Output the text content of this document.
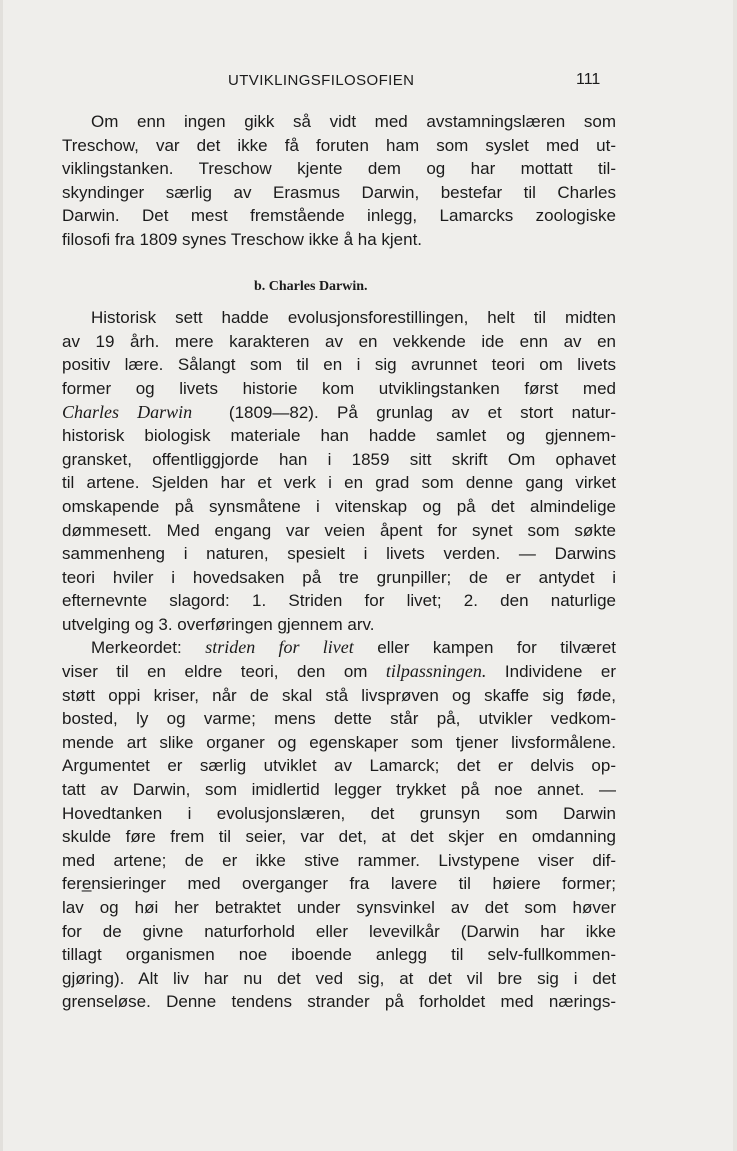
UTVIKLINGSFILOSOFIEN	111
Om enn ingen gikk så vidt med avstamningslæren som
Treschow, var det ikke få foruten ham som syslet med ut-
viklingstanken. Treschow kjente dem og har mottatt til-
skyndinger særlig av Erasmus Darwin, bestefar til Charles
Darwin. Det mest fremstående inlegg, Lamarcks zoologiske
filosofi fra 1809 synes Treschow ikke å ha kjent.
b. Charles Darwin.
Historisk sett hadde evolusjonsforestillingen, helt til midten
av 19 årh. mere karakteren av en vekkende ide enn av en
positiv lære. Sålangt som til en i sig avrunnet teori om livets
former og livets historie kom utviklingstanken først med
Charles Darwin (1809—82). På grunlag av et stort natur-
historisk biologisk materiale han hadde samlet og gjennem-
gransket, offentliggjorde han i 1859 sitt skrift Om ophavet
til artene. Sjelden har et verk i en grad som denne gang virket
omskapende på synsmåtene i vitenskap og på det almindelige
dømmesett. Med engang var veien åpent for synet som søkte
sammenheng i naturen, spesielt i livets verden. — Darwins
teori hviler i hovedsaken på tre grunpiller; de er antydet i
efternevnte slagord: 1. Striden for livet; 2. den naturlige
utvelging og 3. overføringen gjennem arv.
Merkeordet: striden for livet eller kampen for tilværet
viser til en eldre teori, den om tilpassningen. Individene er
støtt oppi kriser, når de skal stå livsprøven og skaffe sig føde,
bosted, ly og varme; mens dette står på, utvikler vedkom-
mende art slike organer og egenskaper som tjener livsformålene.
Argumentet er særlig utviklet av Lamarck; det er delvis op-
tatt av Darwin, som imidlertid legger trykket på noe annet. —
Hovedtanken i evolusjonslæren, det grunsyn som Darwin
skulde føre frem til seier, var det, at det skjer en omdanning
med artene; de er ikke stive rammer. Livstypene viser dif-
fere̲nsieringer med overganger fra lavere til høiere former;
lav og høi her betraktet under synsvinkel av det som høver
for de givne naturforhold eller levevilkår (Darwin har ikke
tillagt organismen noe iboende anlegg til selv-fullkommen-
gjøring). Alt liv har nu det ved sig, at det vil bre sig i det
grenseløse. Denne tendens strander på forholdet med nærings-
